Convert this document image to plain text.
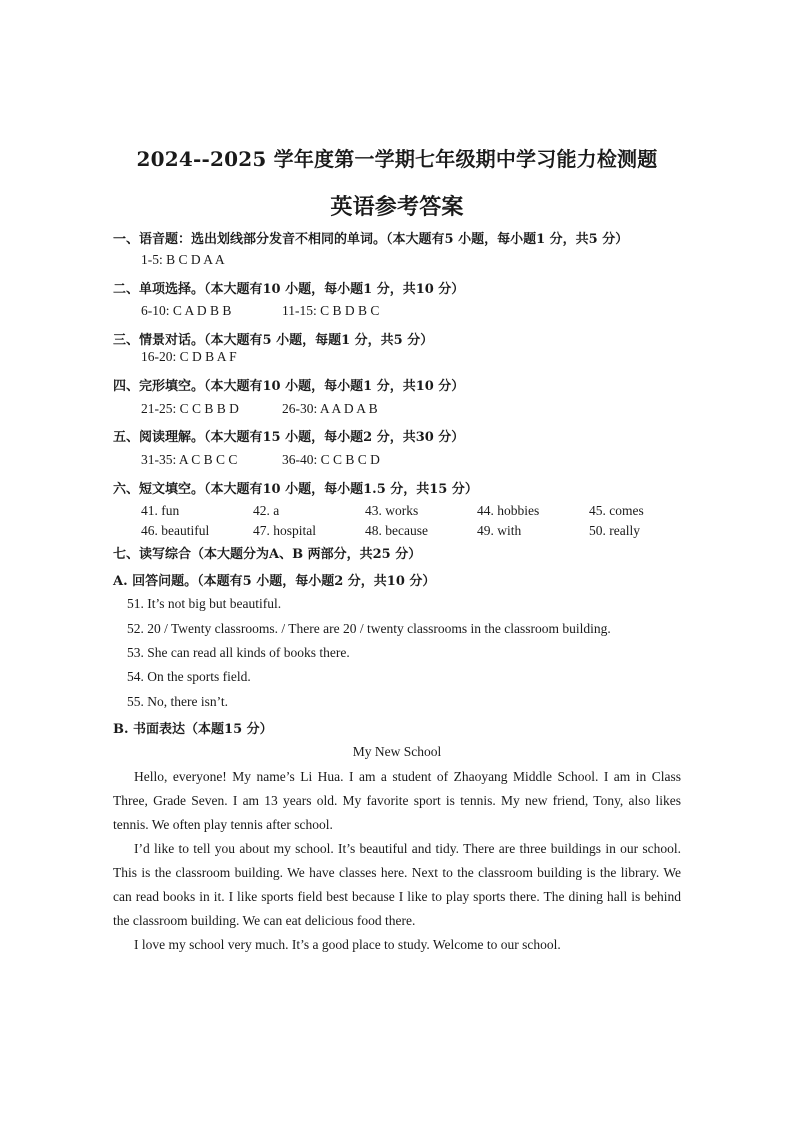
2024--2025 学年度第一学期七年级期中学习能力检测题
英语参考答案
一、语音题：选出划线部分发音不相同的单词。（本大题有5 小题，每小题1 分，共5 分）
1-5: B C D A A
二、单项选择。（本大题有10 小题，每小题1 分，共10 分）
6-10: C A D B B	11-15: C B D B C
三、情景对话。（本大题有5 小题，每题1 分，共5 分）
16-20: C D B A F
四、完形填空。（本大题有10 小题，每小题1 分，共10 分）
21-25: C C B B D	26-30: A A D A B
五、阅读理解。（本大题有15 小题，每小题2 分，共30 分）
31-35: A C B C C	36-40: C C B C D
六、短文填空。（本大题有10 小题，每小题1.5 分，共15 分）
41. fun	42. a	43. works	44. hobbies	45. comes
46. beautiful	47. hospital	48. because	49. with	50. really
七、读写综合（本大题分为A、B 两部分，共25 分）
A. 回答问题。（本题有5 小题，每小题2 分，共10 分）
51. It’s not big but beautiful.
52. 20 / Twenty classrooms. / There are 20 / twenty classrooms in the classroom building.
53. She can read all kinds of books there.
54. On the sports field.
55. No, there isn’t.
B. 书面表达（本题15 分）
My New School
Hello, everyone! My name’s Li Hua. I am a student of Zhaoyang Middle School. I am in Class Three, Grade Seven. I am 13 years old. My favorite sport is tennis. My new friend, Tony, also likes tennis. We often play tennis after school.
I’d like to tell you about my school. It’s beautiful and tidy. There are three buildings in our school. This is the classroom building. We have classes here. Next to the classroom building is the library. We can read books in it. I like sports field best because I like to play sports there. The dining hall is behind the classroom building. We can eat delicious food there.
I love my school very much. It’s a good place to study. Welcome to our school.
